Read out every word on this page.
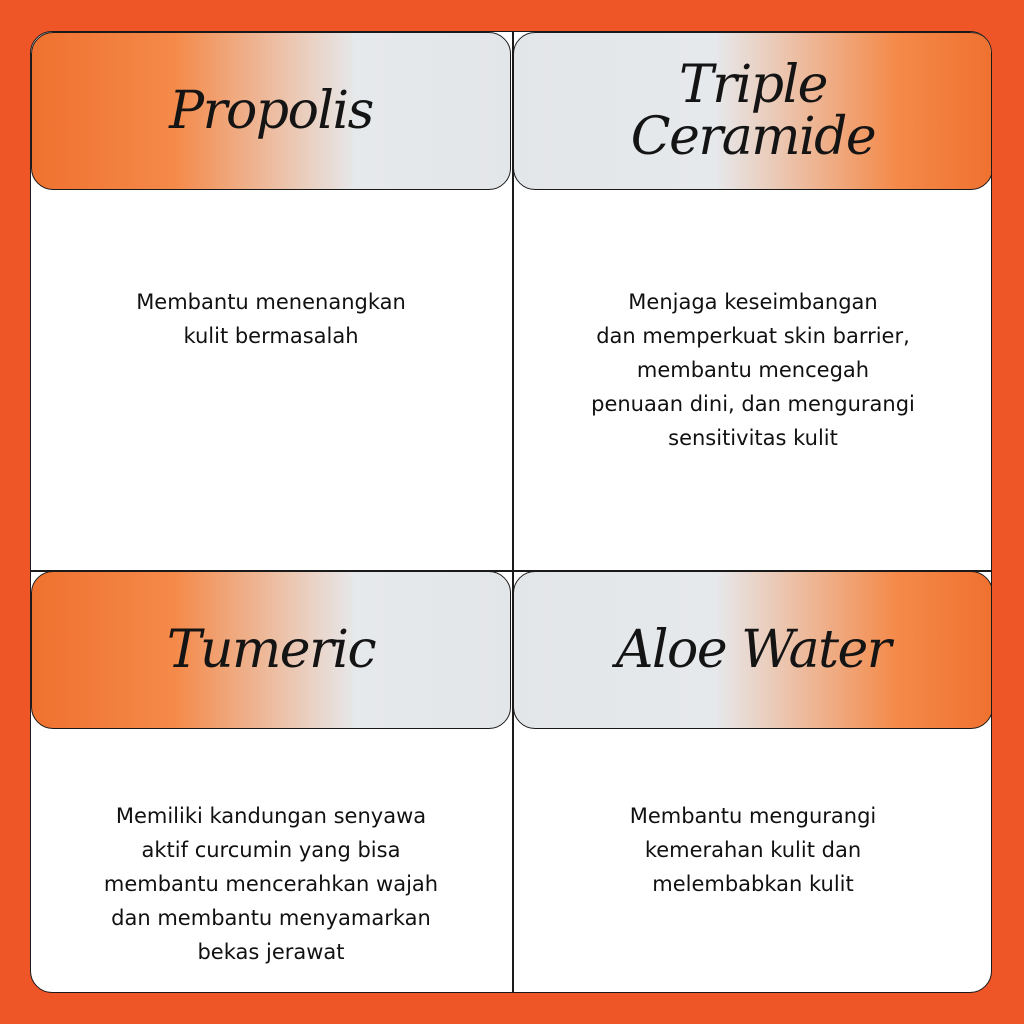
Propolis
Membantu menenangkan
kulit bermasalah
Triple
Ceramide
Menjaga keseimbangan
dan memperkuat skin barrier,
membantu mencegah
penuaan dini, dan mengurangi
sensitivitas kulit
Tumeric
Memiliki kandungan senyawa
aktif curcumin yang bisa
membantu mencerahkan wajah
dan membantu menyamarkan
bekas jerawat
Aloe Water
Membantu mengurangi
kemerahan kulit dan
melembabkan kulit
